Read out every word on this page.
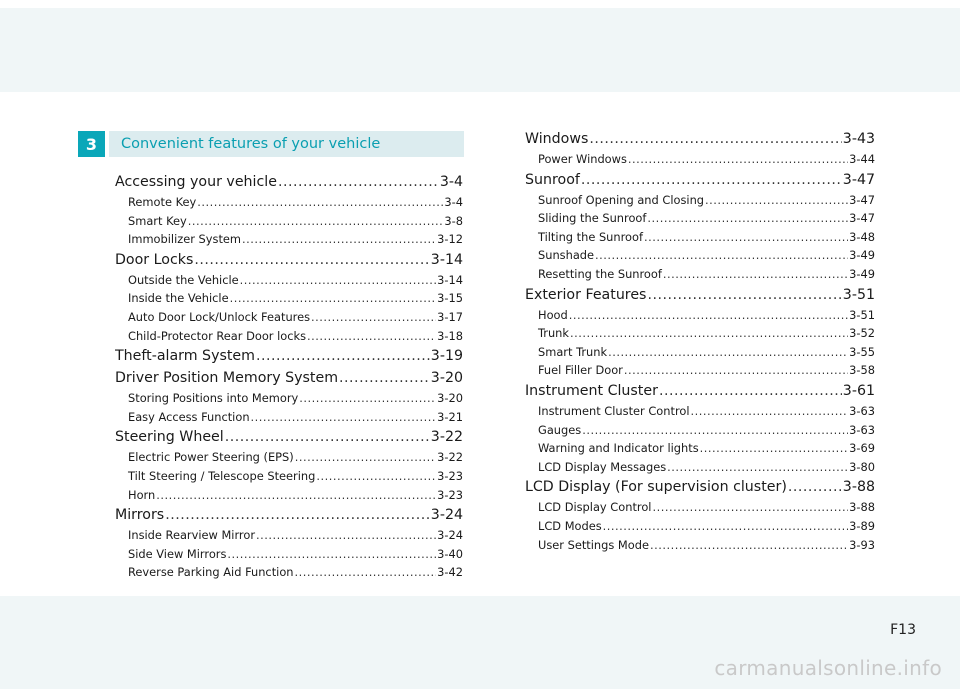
3	Convenient features of your vehicle
Accessing your vehicle .....	3-4
Remote Key .....	3-4
Smart Key .....	3-8
Immobilizer System .....	3-12
Door Locks .....	3-14
Outside the Vehicle .....	3-14
Inside the Vehicle .....	3-15
Auto Door Lock/Unlock Features .....	3-17
Child-Protector Rear Door locks .....	3-18
Theft-alarm System .....	3-19
Driver Position Memory System .....	3-20
Storing Positions into Memory .....	3-20
Easy Access Function .....	3-21
Steering Wheel .....	3-22
Electric Power Steering (EPS) .....	3-22
Tilt Steering / Telescope Steering .....	3-23
Horn .....	3-23
Mirrors .....	3-24
Inside Rearview Mirror .....	3-24
Side View Mirrors .....	3-40
Reverse Parking Aid Function .....	3-42
Windows .....	3-43
Power Windows .....	3-44
Sunroof .....	3-47
Sunroof Opening and Closing .....	3-47
Sliding the Sunroof .....	3-47
Tilting the Sunroof .....	3-48
Sunshade .....	3-49
Resetting the Sunroof .....	3-49
Exterior Features .....	3-51
Hood .....	3-51
Trunk .....	3-52
Smart Trunk .....	3-55
Fuel Filler Door .....	3-58
Instrument Cluster .....	3-61
Instrument Cluster Control .....	3-63
Gauges .....	3-63
Warning and Indicator lights .....	3-69
LCD Display Messages .....	3-80
LCD Display (For supervision cluster) .....	3-88
LCD Display Control .....	3-88
LCD Modes .....	3-89
User Settings Mode .....	3-93
F13
carmanualsonline.info
